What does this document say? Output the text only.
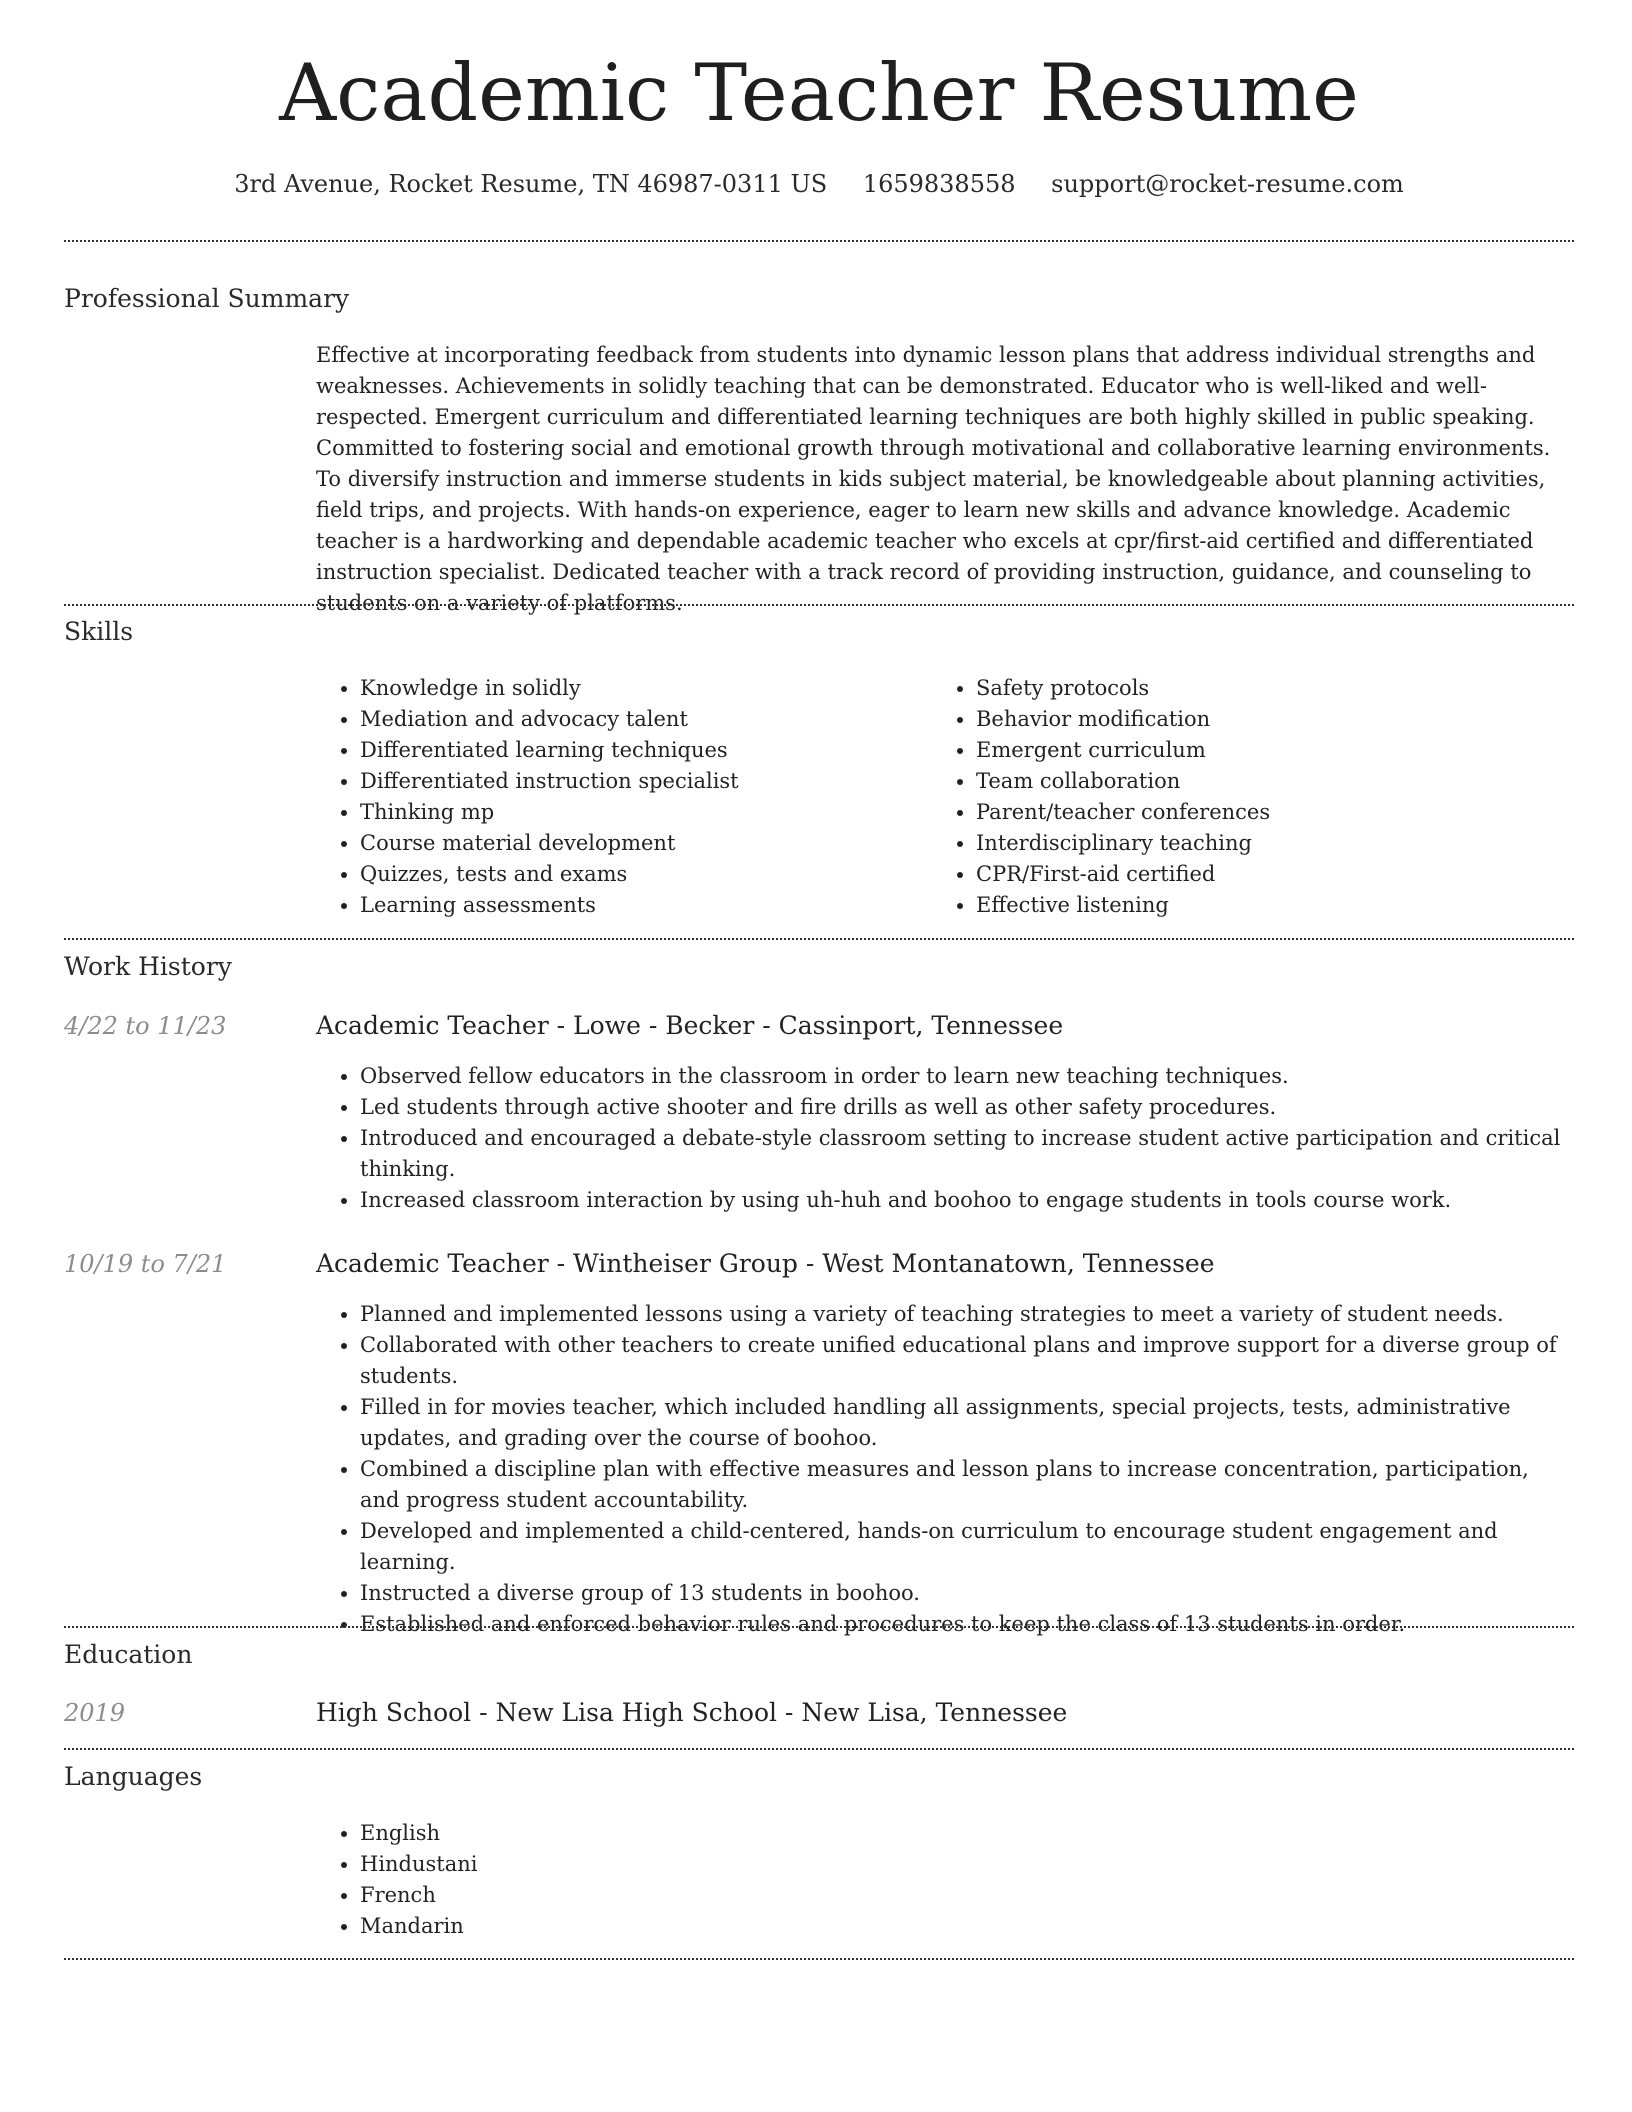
Academic Teacher Resume
3rd Avenue, Rocket Resume, TN 46987-0311 US 1659838558 support@rocket-resume.com
Professional Summary

Effective at incorporating feedback from students into dynamic lesson plans that address individual strengths and weaknesses. Achievements in solidly teaching that can be demonstrated. Educator who is well-liked and well-respected. Emergent curriculum and differentiated learning techniques are both highly skilled in public speaking. Committed to fostering social and emotional growth through motivational and collaborative learning environments. To diversify instruction and immerse students in kids subject material, be knowledgeable about planning activities, field trips, and projects. With hands-on experience, eager to learn new skills and advance knowledge. Academic teacher is a hardworking and dependable academic teacher who excels at cpr/first-aid certified and differentiated instruction specialist. Dedicated teacher with a track record of providing instruction, guidance, and counseling to students on a variety of platforms.

Skills
• Knowledge in solidly
• Mediation and advocacy talent
• Differentiated learning techniques
• Differentiated instruction specialist
• Thinking mp
• Course material development
• Quizzes, tests and exams
• Learning assessments
• Safety protocols
• Behavior modification
• Emergent curriculum
• Team collaboration
• Parent/teacher conferences
• Interdisciplinary teaching
• CPR/First-aid certified
• Effective listening
Work History
4/22 to 11/23	Academic Teacher - Lowe - Becker - Cassinport, Tennessee
• Observed fellow educators in the classroom in order to learn new teaching techniques.
• Led students through active shooter and fire drills as well as other safety procedures.
• Introduced and encouraged a debate-style classroom setting to increase student active participation and critical thinking.
• Increased classroom interaction by using uh-huh and boohoo to engage students in tools course work.
10/19 to 7/21	Academic Teacher - Wintheiser Group - West Montanatown, Tennessee
• Planned and implemented lessons using a variety of teaching strategies to meet a variety of student needs.
• Collaborated with other teachers to create unified educational plans and improve support for a diverse group of students.
• Filled in for movies teacher, which included handling all assignments, special projects, tests, administrative updates, and grading over the course of boohoo.
• Combined a discipline plan with effective measures and lesson plans to increase concentration, participation, and progress student accountability.
• Developed and implemented a child-centered, hands-on curriculum to encourage student engagement and learning.
• Instructed a diverse group of 13 students in boohoo.
• Established and enforced behavior rules and procedures to keep the class of 13 students in order.
Education
2019	High School - New Lisa High School - New Lisa, Tennessee
Languages
• English
• Hindustani
• French
• Mandarin
